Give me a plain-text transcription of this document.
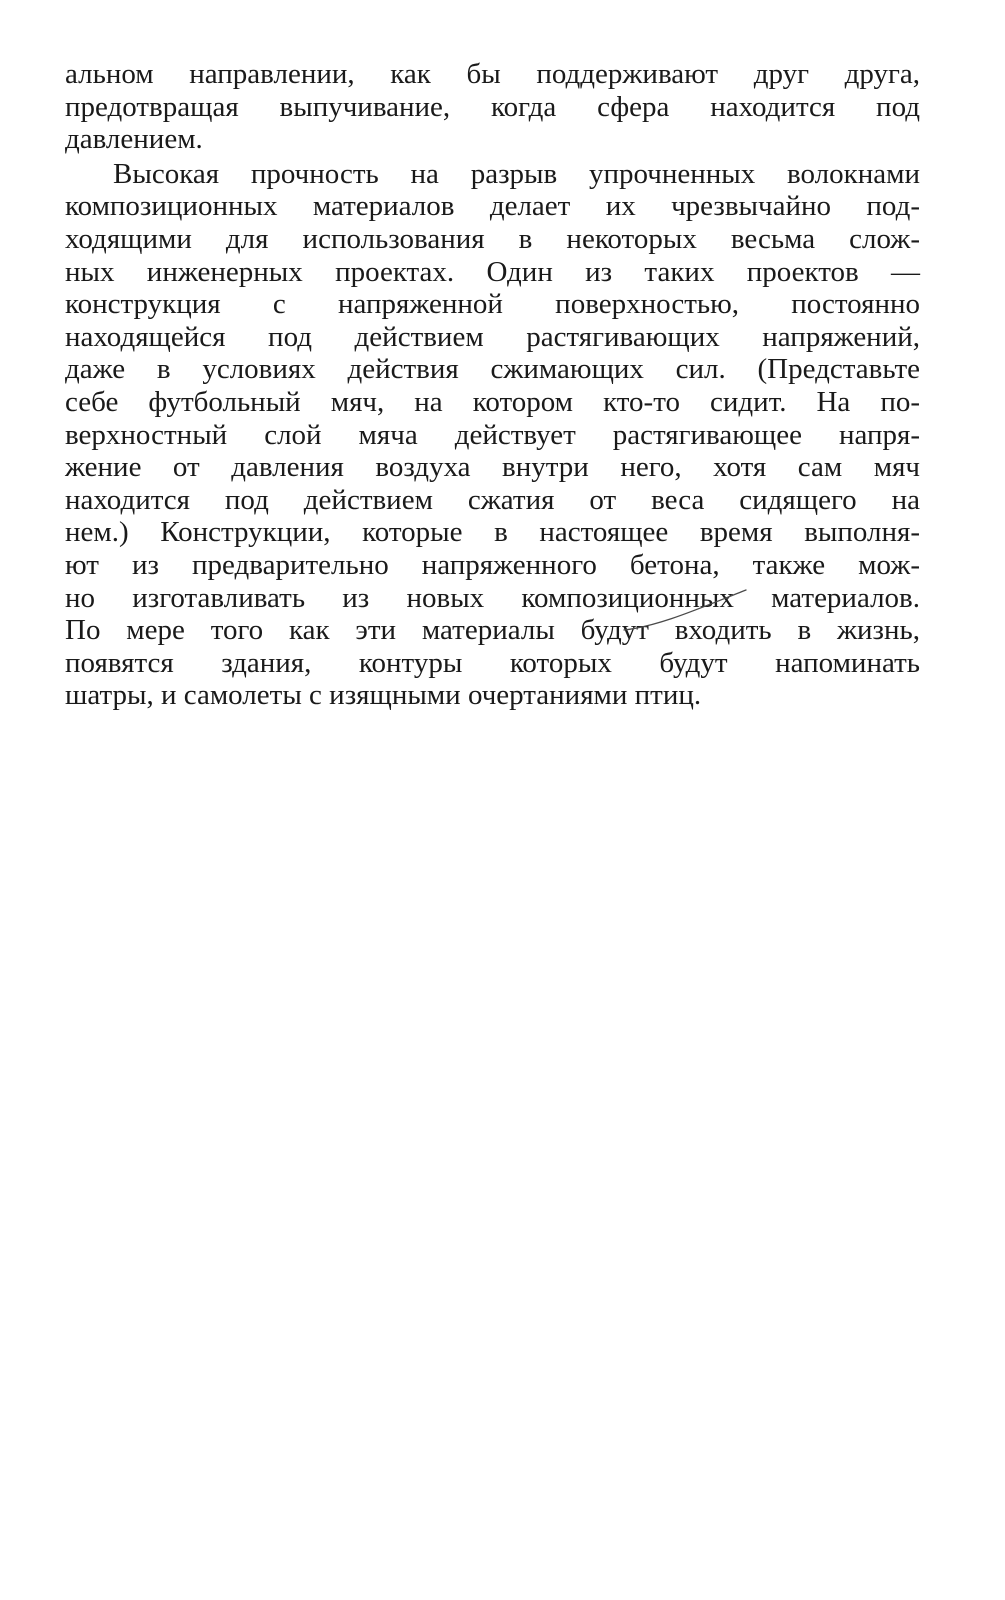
альном направлении, как бы поддерживают друг друга,
предотвращая выпучивание, когда сфера находится под
давлением.
Высокая прочность на разрыв упрочненных волокнами
композиционных материалов делает их чрезвычайно под-
ходящими для использования в некоторых весьма слож-
ных инженерных проектах. Один из таких проектов —
конструкция с напряженной поверхностью, постоянно
находящейся под действием растягивающих напряжений,
даже в условиях действия сжимающих сил. (Представьте
себе футбольный мяч, на котором кто-то сидит. На по-
верхностный слой мяча действует растягивающее напря-
жение от давления воздуха внутри него, хотя сам мяч
находится под действием сжатия от веса сидящего на
нем.) Конструкции, которые в настоящее время выполня-
ют из предварительно напряженного бетона, также мож-
но изготавливать из новых композиционных материалов.
По мере того как эти материалы будут входить в жизнь,
появятся здания, контуры которых будут напоминать
шатры, и самолеты с изящными очертаниями птиц.
